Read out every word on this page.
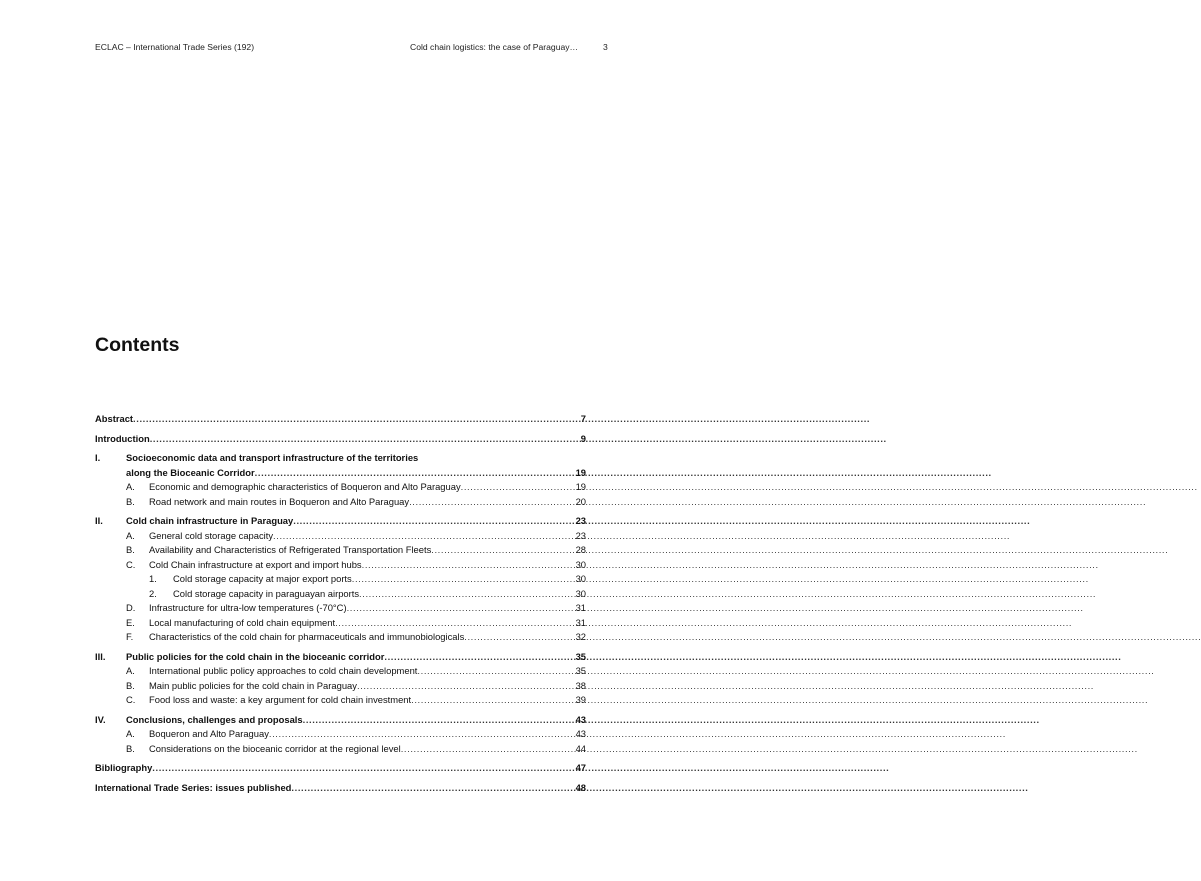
ECLAC – International Trade Series (192)	Cold chain logistics: the case of Paraguay…	3
Contents
Abstract .....	7
Introduction .....	9
I.	Socioeconomic data and transport infrastructure of the territories
along the Bioceanic Corridor .....	19
A.	Economic and demographic characteristics of Boqueron and Alto Paraguay .....	19
B.	Road network and main routes in Boqueron and Alto Paraguay .....	20
II.	Cold chain infrastructure in Paraguay .....	23
A.	General cold storage capacity .....	23
B.	Availability and Characteristics of Refrigerated Transportation Fleets .....	28
C.	Cold Chain infrastructure at export and import hubs .....	30
1.	Cold storage capacity at major export ports .....	30
2.	Cold storage capacity in paraguayan airports .....	30
D.	Infrastructure for ultra-low temperatures (-70°C) .....	31
E.	Local manufacturing of cold chain equipment .....	31
F.	Characteristics of the cold chain for pharmaceuticals and immunobiologicals .....	32
III.	Public policies for the cold chain in the bioceanic corridor .....	35
A.	International public policy approaches to cold chain development .....	35
B.	Main public policies for the cold chain in Paraguay .....	38
C.	Food loss and waste: a key argument for cold chain investment .....	39
IV.	Conclusions, challenges and proposals .....	43
A.	Boqueron and Alto Paraguay .....	43
B.	Considerations on the bioceanic corridor at the regional level .....	44
Bibliography .....	47
International Trade Series: issues published .....	48
